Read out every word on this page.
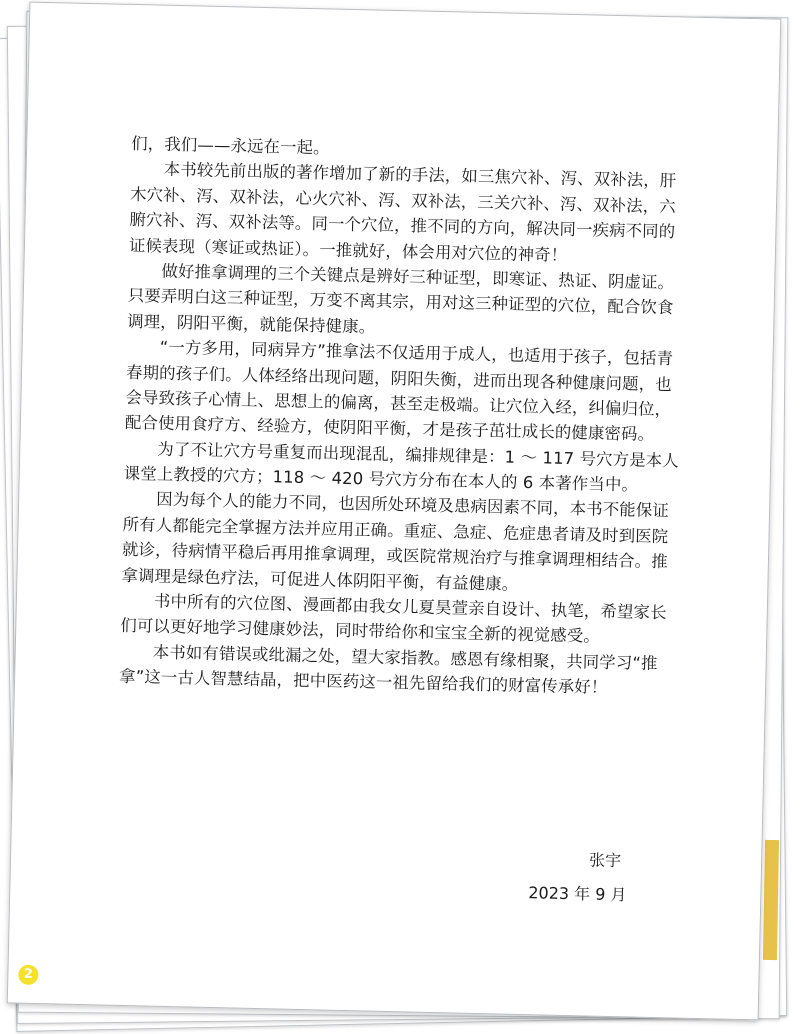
们，我们——永远在一起。
　　本书较先前出版的著作增加了新的手法，如三焦穴补、泻、双补法，肝
木穴补、泻、双补法，心火穴补、泻、双补法，三关穴补、泻、双补法，六
腑穴补、泻、双补法等。同一个穴位，推不同的方向，解决同一疾病不同的
证候表现（寒证或热证）。一推就好，体会用对穴位的神奇！
　　做好推拿调理的三个关键点是辨好三种证型，即寒证、热证、阴虚证。
只要弄明白这三种证型，万变不离其宗，用对这三种证型的穴位，配合饮食
调理，阴阳平衡，就能保持健康。
　　“一方多用，同病异方”推拿法不仅适用于成人，也适用于孩子，包括青
春期的孩子们。人体经络出现问题，阴阳失衡，进而出现各种健康问题，也
会导致孩子心情上、思想上的偏离，甚至走极端。让穴位入经，纠偏归位，
配合使用食疗方、经验方，使阴阳平衡，才是孩子茁壮成长的健康密码。
　　为了不让穴方号重复而出现混乱，编排规律是：1 ～ 117 号穴方是本人
课堂上教授的穴方；118 ～ 420 号穴方分布在本人的 6 本著作当中。
　　因为每个人的能力不同，也因所处环境及患病因素不同，本书不能保证
所有人都能完全掌握方法并应用正确。重症、急症、危症患者请及时到医院
就诊，待病情平稳后再用推拿调理，或医院常规治疗与推拿调理相结合。推
拿调理是绿色疗法，可促进人体阴阳平衡，有益健康。
　　书中所有的穴位图、漫画都由我女儿夏昊萱亲自设计、执笔，希望家长
们可以更好地学习健康妙法，同时带给你和宝宝全新的视觉感受。
　　本书如有错误或纰漏之处，望大家指教。感恩有缘相聚，共同学习“推
拿”这一古人智慧结晶，把中医药这一祖先留给我们的财富传承好！
张宇
2023 年 9 月
2
